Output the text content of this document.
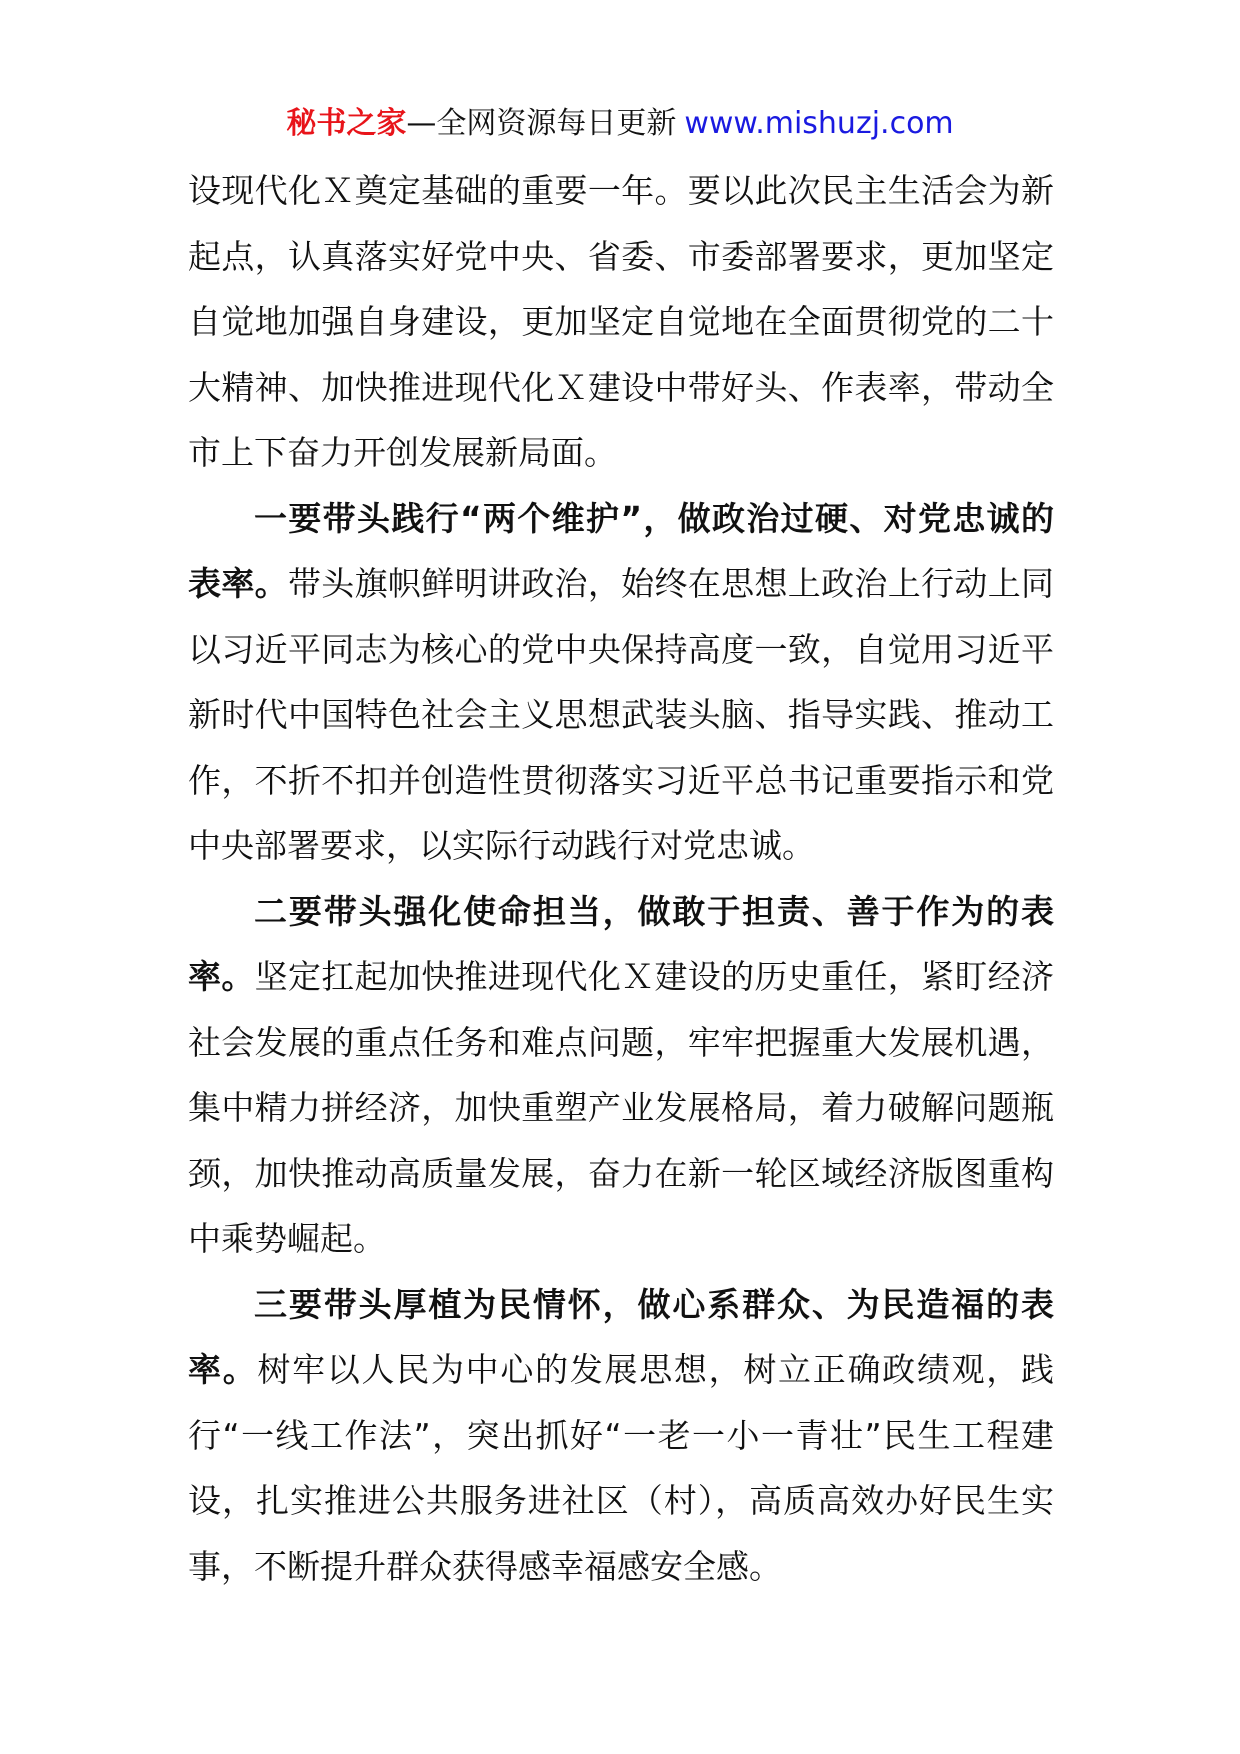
秘书之家—全网资源每日更新 www.mishuzj.com

设现代化Ｘ奠定基础的重要一年。要以此次民主生活会为新起点，认真落实好党中央、省委、市委部署要求，更加坚定自觉地加强自身建设，更加坚定自觉地在全面贯彻党的二十大精神、加快推进现代化Ｘ建设中带好头、作表率，带动全市上下奋力开创发展新局面。

一要带头践行“两个维护”，做政治过硬、对党忠诚的表率。带头旗帜鲜明讲政治，始终在思想上政治上行动上同以习近平同志为核心的党中央保持高度一致，自觉用习近平新时代中国特色社会主义思想武装头脑、指导实践、推动工作，不折不扣并创造性贯彻落实习近平总书记重要指示和党中央部署要求，以实际行动践行对党忠诚。

二要带头强化使命担当，做敢于担责、善于作为的表率。坚定扛起加快推进现代化Ｘ建设的历史重任，紧盯经济社会发展的重点任务和难点问题，牢牢把握重大发展机遇，集中精力拼经济，加快重塑产业发展格局，着力破解问题瓶颈，加快推动高质量发展，奋力在新一轮区域经济版图重构中乘势崛起。

三要带头厚植为民情怀，做心系群众、为民造福的表率。树牢以人民为中心的发展思想，树立正确政绩观，践行“一线工作法”，突出抓好“一老一小一青壮”民生工程建设，扎实推进公共服务进社区（村），高质高效办好民生实事，不断提升群众获得感幸福感安全感。
